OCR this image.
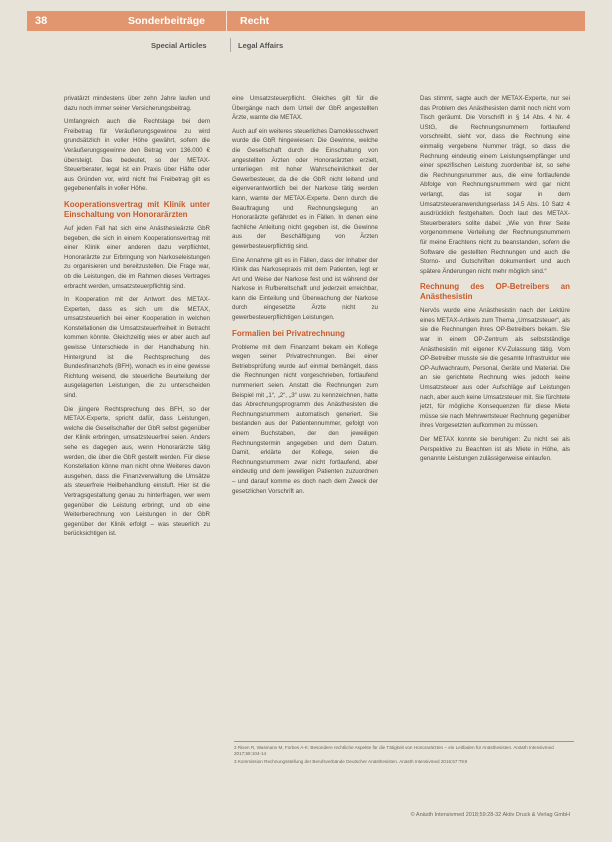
38	Sonderbeiträge	Recht
Special Articles	Legal Affairs

privatärzt mindestens über zehn Jahre laufen und dazu noch immer seiner Versicherungsbeitrag.

Umfangreich auch die Rechtslage bei dem Freibetrag für Veräußerungsgewinne zu wird grundsätzlich in voller Höhe gewährt, sofern die Veräußerungsgewinne den Betrag von 136.000 € übersteigt. Das bedeutet, so der METAX-Steuerberater, legal ist ein Praxis über Häfte oder aus Gründen vor, wird nicht frei Freibetrag gilt es gegebenenfalls in voller Höhe.

Kooperationsvertrag mit Klinik unter Einschaltung von Honorarärzten

Auf jeden Fall hat sich eine Anästhesieärzte GbR begeben, die sich in einem Kooperationsvertrag mit einer Klinik einer anderen dazu verpflichtet, Honorarärzte zur Erbringung von Narkoseleistungen zu organisieren und bereitzustellen. Die Frage war, ob die Leistungen, die im Rahmen dieses Vertrages erbracht werden, umsatzsteuerpflichtig sind.

In Kooperation mit der Antwort des METAX-Experten, dass es sich um die METAX, umsatzsteuerlich bei einer Kooperation in welchen Konstellationen die Umsatzsteuerfreiheit in Betracht kommen könnte. Gleichzeitig wies er aber auch auf gewisse Unterschiede in der Handhabung hin. Hintergrund ist die Rechtsprechung des Bundesfinanzhofs (BFH), wonach es in eine gewisse Richtung weisend, die steuerliche Beurteilung der ausgelagerten Leistungen, die zu unterscheiden sind.

Die jüngere Rechtsprechung des BFH, so der METAX-Experte, spricht dafür, dass Leistungen, welche die Gesellschafter der GbR selbst gegenüber der Klinik erbringen, umsatzsteuerfrei seien. Anders sehe es dagegen aus, wenn Honorarärzte tätig werden, die über die GbR gestellt werden. Für diese Konstellation könne man nicht ohne Weiteres davon ausgehen, dass die Finanzverwaltung die Umsätze als steuerfreie Heilbehandlung einstuft. Hier ist die Vertragsgestaltung genau zu hinterfragen, wer wem gegenüber die Leistung erbringt, und ob eine Weiterberechnung von Leistungen in der GbR gegenüber der Klinik erfolgt – was steuerlich zu berücksichtigen ist.

eine Umsatzsteuerpflicht. Gleiches gilt für die Übergänge nach dem Urteil der GbR angestellten Ärzte, warnte die METAX.

Auch auf ein weiteres steuerliches Damoklesschwert wurde die GbR hingewiesen: Die Gewinne, welche die Gesellschaft durch die Einschaltung von angestellten Ärzten oder Honorarärzten erzielt, unterliegen mit hoher Wahrscheinlichkeit der Gewerbesteuer, da die die GbR nicht leitend und eigenverantwortlich bei der Narkose tätig werden kann, warnte der METAX-Experte. Denn durch die Beauftragung und Rechnungslegung an Honorarärzte gefährdet es in Fällen. In denen eine fachliche Anleitung nicht gegeben ist, die Gewinne aus der Beschäftigung von Ärzten gewerbesteuerpflichtig sind.

Eine Annahme gilt es in Fällen, dass der Inhaber der Klinik das Narkosepraxis mit dem Patienten, legt er Art und Weise der Narkose fest und ist während der Narkose in Rufbereitschaft und jederzeit erreichbar, kann die Einteilung und Überwachung der Narkose durch eingesetzte Ärzte nicht zu gewerbesteuerpflichtigen Leistungen.

Formalien bei Privatrechnung

Probleme mit dem Finanzamt bekam ein Kollege wegen seiner Privatrechnungen. Bei einer Betriebsprüfung wurde auf einmal bemängelt, dass die Rechnungen nicht vorgeschrieben, fortlaufend nummeriert seien. Anstatt die Rechnungen zum Beispiel mit „1“, „2“, „3“ usw. zu kennzeichnen, hatte das Abrechnungsprogramm des Anästhesisten die Rechnungsnummern automatisch generiert. Sie bestanden aus der Patientennummer, gefolgt von einem Buchstaben, der den jeweiligen Rechnungstermin angegeben und dem Datum. Damit, erklärte der Kollege, seien die Rechnungsnummern zwar nicht fortlaufend, aber eindeutig und dem jeweiligen Patienten zuzuordnen – und darauf komme es doch nach dem Zweck der gesetzlichen Vorschrift an.

Das stimmt, sagte auch der METAX-Experte, nur sei das Problem des Anästhesisten damit noch nicht vom Tisch geräumt. Die Vorschrift in § 14 Abs. 4 Nr. 4 UStG, die Rechnungsnummern fortlaufend vorschreibt, sieht vor, dass die Rechnung eine einmalig vergebene Nummer trägt, so dass die Rechnung eindeutig einem Leistungsempfänger und einer spezifischen Leistung zuordenbar ist, so sehe die Rechnungsnummer aus, die eine fortlaufende Abfolge von Rechnungsnummern wird gar nicht verlangt, das ist sogar in dem Umsatzsteueranwendungserlass 14.5 Abs. 10 Satz 4 ausdrücklich festgehalten. Doch laut des METAX-Steuerberaters sollte dabei: „Wie von Ihrer Seite vorgenommene Verteilung der Rechnungsnummern für meine Erachtens nicht zu beanstanden, sofern die Software die gestellten Rechnungen und auch die Storno- und Gutschriften dokumentiert und auch spätere Änderungen nicht mehr möglich sind.“

Rechnung des OP-Betreibers an Anästhesistin

Nervös wurde eine Anästhesistin nach der Lektüre eines METAX-Artikels zum Thema „Umsatzsteuer“, als sie die Rechnungen ihres OP-Betreibers bekam. Sie war in einem OP-Zentrum als selbstständige Anästhesistin mit eigener KV-Zulassung tätig. Vom OP-Betreiber musste sie die gesamte Infrastruktur wie OP-Aufwachraum, Personal, Geräte und Material. Die an sie gerichtete Rechnung wies jedoch keine Umsatzsteuer aus oder Aufschläge auf Leistungen nach, aber auch keine Umsatzsteuer mit. Sie fürchtete jetzt, für mögliche Konsequenzen für diese Miete müsse sie nach Mehrwertsteuer Rechnung gegenüber ihres Vorgesetzten aufkommen zu müssen.

Der METAX konnte sie beruhigen: Zu nicht sei als Perspektive zu Beachten ist als Miete in Höhe, als genannte Leistungen zulässigerweise einlaufen.

2 Rixen R, Wasmann M, Forbes A-K: Besondere rechtliche Aspekte für die Tätigkeit von Honorarärzten – ein Leitfaden für Anästhesisten. Anästh Intensivmed 2017;58:104-14

3 Kommission Rechnungsstellung der Berufsverbände Deutscher Anästhesisten. Anästh Intensivmed 2016;57:TK9

© Anästh Intensivmed 2018;59:28-32 Aktiv Druck & Verlag GmbH
